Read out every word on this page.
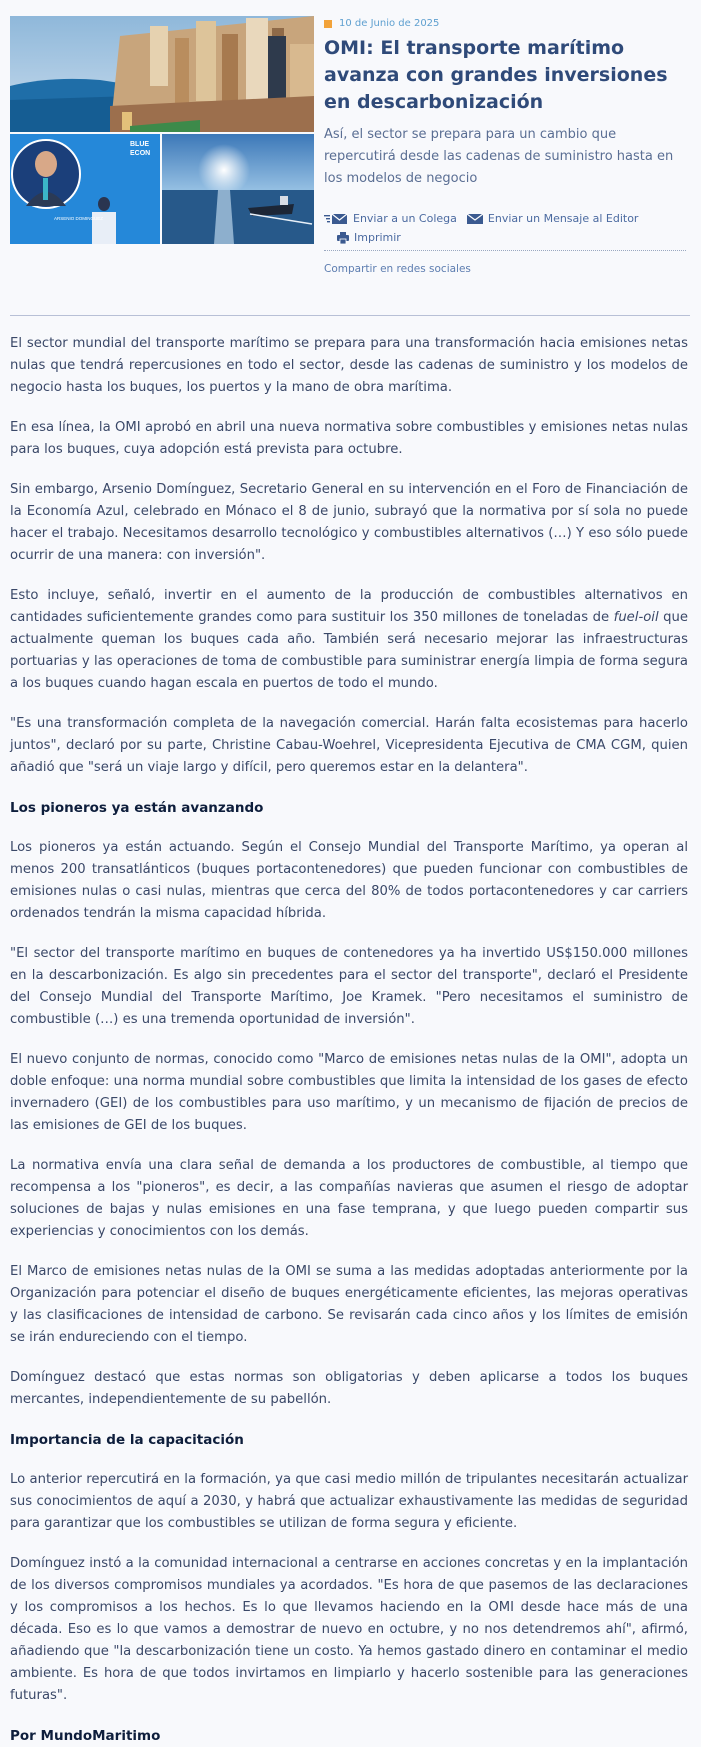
BLUE
ECON
ARSENIO DOMINGUEZ
10 de Junio de 2025
OMI: El transporte marítimo avanza con grandes inversiones en descarbonización

Así, el sector se prepara para un cambio que repercutirá desde las cadenas de suministro hasta en los modelos de negocio

Enviar a un Colega	Enviar un Mensaje al Editor
Imprimir
Compartir en redes sociales

El sector mundial del transporte marítimo se prepara para una transformación hacia emisiones netas nulas que tendrá repercusiones en todo el sector, desde las cadenas de suministro y los modelos de negocio hasta los buques, los puertos y la mano de obra marítima.

En esa línea, la OMI aprobó en abril una nueva normativa sobre combustibles y emisiones netas nulas para los buques, cuya adopción está prevista para octubre.

Sin embargo, Arsenio Domínguez, Secretario General en su intervención en el Foro de Financiación de la Economía Azul, celebrado en Mónaco el 8 de junio, subrayó que la normativa por sí sola no puede hacer el trabajo. Necesitamos desarrollo tecnológico y combustibles alternativos (…) Y eso sólo puede ocurrir de una manera: con inversión".

Esto incluye, señaló, invertir en el aumento de la producción de combustibles alternativos en cantidades suficientemente grandes como para sustituir los 350 millones de toneladas de fuel-oil que actualmente queman los buques cada año. También será necesario mejorar las infraestructuras portuarias y las operaciones de toma de combustible para suministrar energía limpia de forma segura a los buques cuando hagan escala en puertos de todo el mundo.

"Es una transformación completa de la navegación comercial. Harán falta ecosistemas para hacerlo juntos", declaró por su parte, Christine Cabau-Woehrel, Vicepresidenta Ejecutiva de CMA CGM, quien añadió que "será un viaje largo y difícil, pero queremos estar en la delantera".

Los pioneros ya están avanzando

Los pioneros ya están actuando. Según el Consejo Mundial del Transporte Marítimo, ya operan al menos 200 transatlánticos (buques portacontenedores) que pueden funcionar con combustibles de emisiones nulas o casi nulas, mientras que cerca del 80% de todos portacontenedores y car carriers ordenados tendrán la misma capacidad híbrida.

"El sector del transporte marítimo en buques de contenedores ya ha invertido US$150.000 millones en la descarbonización. Es algo sin precedentes para el sector del transporte", declaró el Presidente del Consejo Mundial del Transporte Marítimo, Joe Kramek. "Pero necesitamos el suministro de combustible (…) es una tremenda oportunidad de inversión".

El nuevo conjunto de normas, conocido como "Marco de emisiones netas nulas de la OMI", adopta un doble enfoque: una norma mundial sobre combustibles que limita la intensidad de los gases de efecto invernadero (GEI) de los combustibles para uso marítimo, y un mecanismo de fijación de precios de las emisiones de GEI de los buques.

La normativa envía una clara señal de demanda a los productores de combustible, al tiempo que recompensa a los "pioneros", es decir, a las compañías navieras que asumen el riesgo de adoptar soluciones de bajas y nulas emisiones en una fase temprana, y que luego pueden compartir sus experiencias y conocimientos con los demás.

El Marco de emisiones netas nulas de la OMI se suma a las medidas adoptadas anteriormente por la Organización para potenciar el diseño de buques energéticamente eficientes, las mejoras operativas y las clasificaciones de intensidad de carbono. Se revisarán cada cinco años y los límites de emisión se irán endureciendo con el tiempo.

Domínguez destacó que estas normas son obligatorias y deben aplicarse a todos los buques mercantes, independientemente de su pabellón.

Importancia de la capacitación

Lo anterior repercutirá en la formación, ya que casi medio millón de tripulantes necesitarán actualizar sus conocimientos de aquí a 2030, y habrá que actualizar exhaustivamente las medidas de seguridad para garantizar que los combustibles se utilizan de forma segura y eficiente.

Domínguez instó a la comunidad internacional a centrarse en acciones concretas y en la implantación de los diversos compromisos mundiales ya acordados. "Es hora de que pasemos de las declaraciones y los compromisos a los hechos. Es lo que llevamos haciendo en la OMI desde hace más de una década. Eso es lo que vamos a demostrar de nuevo en octubre, y no nos detendremos ahí", afirmó, añadiendo que "la descarbonización tiene un costo. Ya hemos gastado dinero en contaminar el medio ambiente. Es hora de que todos invirtamos en limpiarlo y hacerlo sostenible para las generaciones futuras".

Por MundoMaritimo
